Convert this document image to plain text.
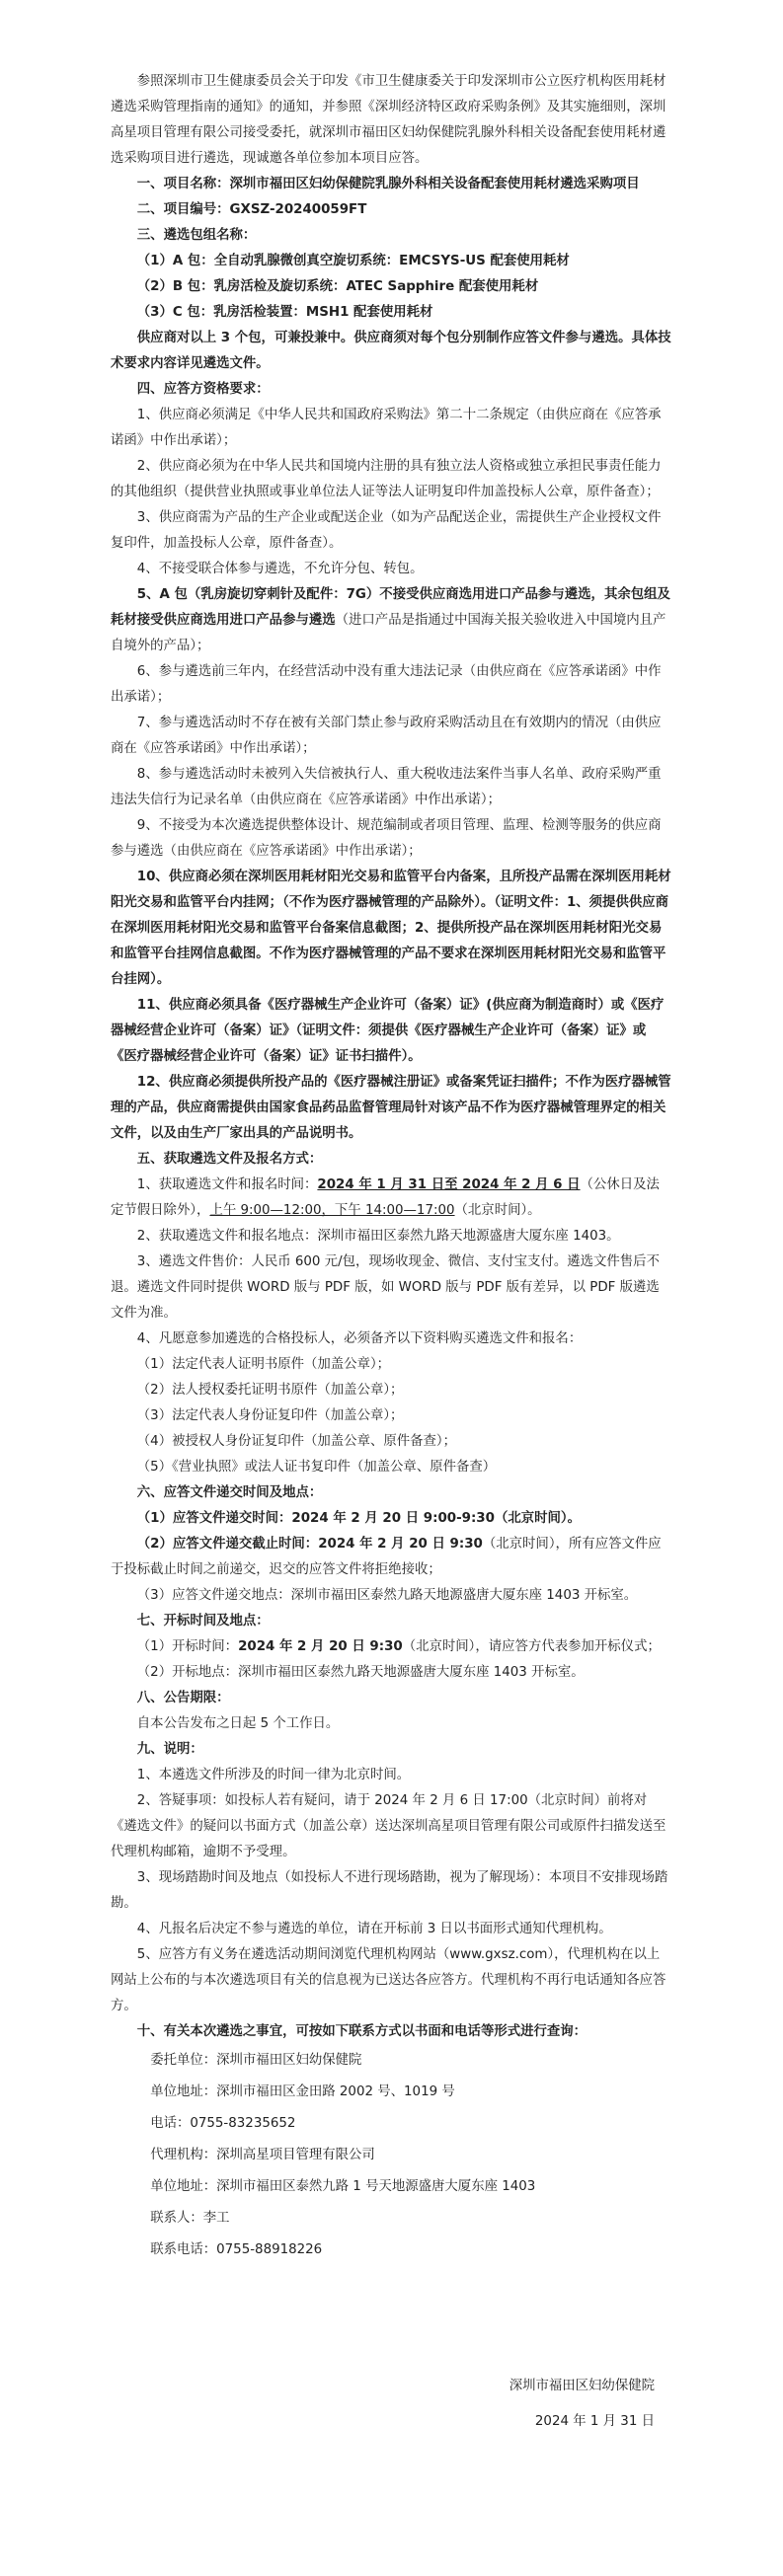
参照深圳市卫生健康委员会关于印发《市卫生健康委关于印发深圳市公立医疗机构医用耗材遴选采购管理指南的通知》的通知，并参照《深圳经济特区政府采购条例》及其实施细则，深圳高星项目管理有限公司接受委托，就深圳市福田区妇幼保健院乳腺外科相关设备配套使用耗材遴选采购项目进行遴选，现诚邀各单位参加本项目应答。

一、项目名称：深圳市福田区妇幼保健院乳腺外科相关设备配套使用耗材遴选采购项目

二、项目编号：GXSZ-20240059FT

三、遴选包组名称：

（1）A 包：全自动乳腺微创真空旋切系统：EMCSYS-US 配套使用耗材

（2）B 包：乳房活检及旋切系统：ATEC Sapphire 配套使用耗材

（3）C 包：乳房活检装置：MSH1 配套使用耗材

供应商对以上 3 个包，可兼投兼中。供应商须对每个包分别制作应答文件参与遴选。具体技术要求内容详见遴选文件。

四、应答方资格要求：

1、供应商必须满足《中华人民共和国政府采购法》第二十二条规定（由供应商在《应答承诺函》中作出承诺）；

2、供应商必须为在中华人民共和国境内注册的具有独立法人资格或独立承担民事责任能力的其他组织（提供营业执照或事业单位法人证等法人证明复印件加盖投标人公章，原件备查）；

3、供应商需为产品的生产企业或配送企业（如为产品配送企业，需提供生产企业授权文件复印件，加盖投标人公章，原件备查）。

4、不接受联合体参与遴选，不允许分包、转包。

5、A 包（乳房旋切穿刺针及配件：7G）不接受供应商选用进口产品参与遴选，其余包组及耗材接受供应商选用进口产品参与遴选（进口产品是指通过中国海关报关验收进入中国境内且产自境外的产品）；

6、参与遴选前三年内，在经营活动中没有重大违法记录（由供应商在《应答承诺函》中作出承诺）；

7、参与遴选活动时不存在被有关部门禁止参与政府采购活动且在有效期内的情况（由供应商在《应答承诺函》中作出承诺）；

8、参与遴选活动时未被列入失信被执行人、重大税收违法案件当事人名单、政府采购严重违法失信行为记录名单（由供应商在《应答承诺函》中作出承诺）；

9、不接受为本次遴选提供整体设计、规范编制或者项目管理、监理、检测等服务的供应商参与遴选（由供应商在《应答承诺函》中作出承诺）；

10、供应商必须在深圳医用耗材阳光交易和监管平台内备案，且所投产品需在深圳医用耗材阳光交易和监管平台内挂网；（不作为医疗器械管理的产品除外）。（证明文件：1、须提供供应商在深圳医用耗材阳光交易和监管平台备案信息截图；2、提供所投产品在深圳医用耗材阳光交易和监管平台挂网信息截图。不作为医疗器械管理的产品不要求在深圳医用耗材阳光交易和监管平台挂网）。

11、供应商必须具备《医疗器械生产企业许可（备案）证》(供应商为制造商时）或《医疗器械经营企业许可（备案）证》（证明文件：须提供《医疗器械生产企业许可（备案）证》或《医疗器械经营企业许可（备案）证》证书扫描件）。

12、供应商必须提供所投产品的《医疗器械注册证》或备案凭证扫描件；不作为医疗器械管理的产品，供应商需提供由国家食品药品监督管理局针对该产品不作为医疗器械管理界定的相关文件，以及由生产厂家出具的产品说明书。

五、获取遴选文件及报名方式：

1、获取遴选文件和报名时间：2024 年 1 月 31 日至 2024 年 2 月 6 日（公休日及法定节假日除外），上午 9:00—12:00，下午 14:00—17:00（北京时间）。

2、获取遴选文件和报名地点：深圳市福田区泰然九路天地源盛唐大厦东座 1403。

3、遴选文件售价：人民币 600 元/包，现场收现金、微信、支付宝支付。遴选文件售后不退。遴选文件同时提供 WORD 版与 PDF 版，如 WORD 版与 PDF 版有差异，以 PDF 版遴选文件为准。

4、凡愿意参加遴选的合格投标人，必须备齐以下资料购买遴选文件和报名：

（1）法定代表人证明书原件（加盖公章）；

（2）法人授权委托证明书原件（加盖公章）；

（3）法定代表人身份证复印件（加盖公章）；

（4）被授权人身份证复印件（加盖公章、原件备查）；

（5）《营业执照》或法人证书复印件（加盖公章、原件备查）

六、应答文件递交时间及地点：

（1）应答文件递交时间：2024 年 2 月 20 日 9:00-9:30（北京时间）。

（2）应答文件递交截止时间：2024 年 2 月 20 日 9:30（北京时间），所有应答文件应于投标截止时间之前递交，迟交的应答文件将拒绝接收；

（3）应答文件递交地点：深圳市福田区泰然九路天地源盛唐大厦东座 1403 开标室。

七、开标时间及地点：

（1）开标时间：2024 年 2 月 20 日 9:30（北京时间），请应答方代表参加开标仪式；

（2）开标地点：深圳市福田区泰然九路天地源盛唐大厦东座 1403 开标室。

八、公告期限：

自本公告发布之日起 5 个工作日。

九、说明：

1、本遴选文件所涉及的时间一律为北京时间。

2、答疑事项：如投标人若有疑问，请于 2024 年 2 月 6 日 17:00（北京时间）前将对《遴选文件》的疑问以书面方式（加盖公章）送达深圳高星项目管理有限公司或原件扫描发送至代理机构邮箱，逾期不予受理。

3、现场踏勘时间及地点（如投标人不进行现场踏勘，视为了解现场）：本项目不安排现场踏勘。

4、凡报名后决定不参与遴选的单位，请在开标前 3 日以书面形式通知代理机构。

5、应答方有义务在遴选活动期间浏览代理机构网站（www.gxsz.com），代理机构在以上网站上公布的与本次遴选项目有关的信息视为已送达各应答方。代理机构不再行电话通知各应答方。

十、有关本次遴选之事宜，可按如下联系方式以书面和电话等形式进行查询：

委托单位：深圳市福田区妇幼保健院

单位地址：深圳市福田区金田路 2002 号、1019 号

电话：0755-83235652

代理机构：深圳高星项目管理有限公司

单位地址：深圳市福田区泰然九路 1 号天地源盛唐大厦东座 1403

联系人：李工

联系电话：0755-88918226

深圳市福田区妇幼保健院

2024 年 1 月 31 日
